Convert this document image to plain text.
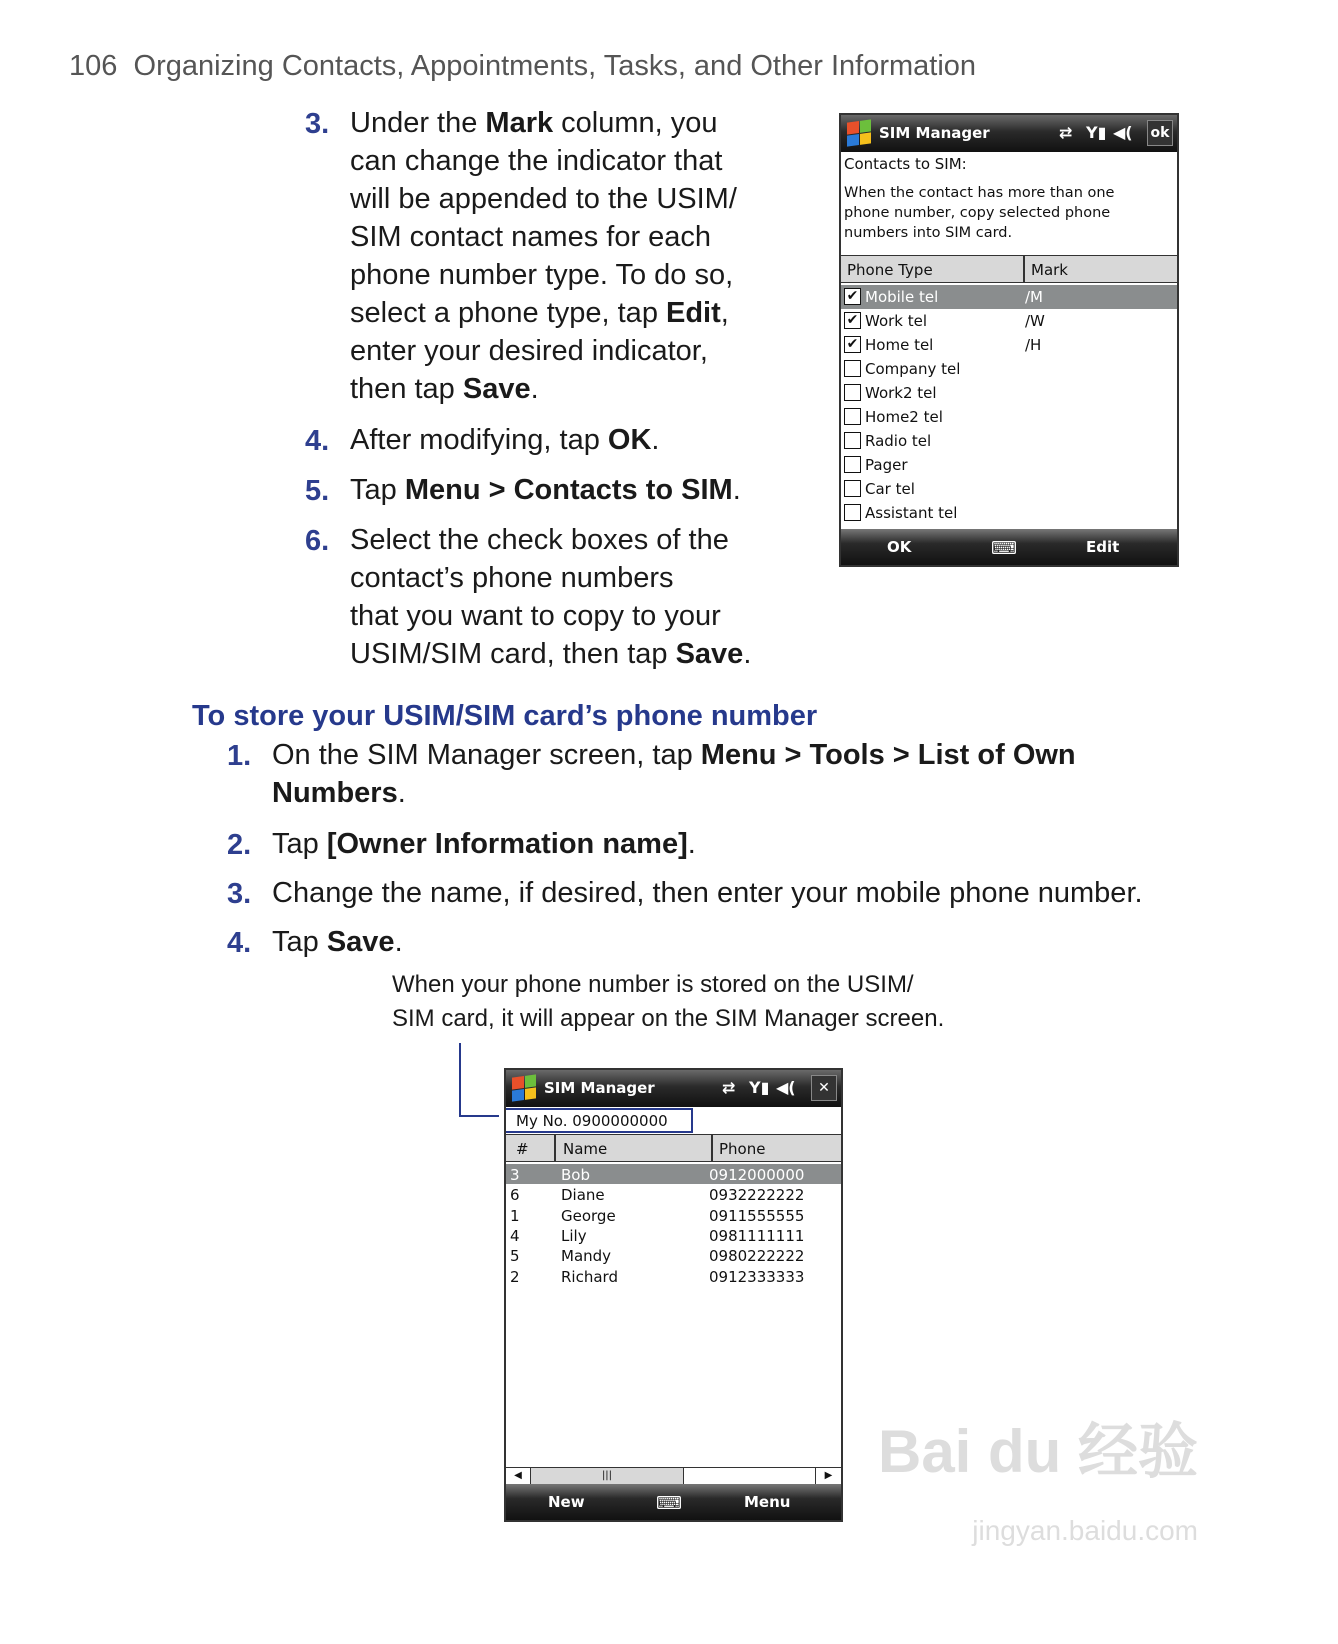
106 Organizing Contacts, Appointments, Tasks, and Other Information
3. Under the Mark column, you
can change the indicator that
will be appended to the USIM/
SIM contact names for each
phone number type. To do so,
select a phone type, tap Edit,
enter your desired indicator,
then tap Save.
4. After modifying, tap OK.
5. Tap Menu > Contacts to SIM.
6. Select the check boxes of the
contact’s phone numbers
that you want to copy to your
USIM/SIM card, then tap Save.
To store your USIM/SIM card’s phone number
1. On the SIM Manager screen, tap Menu > Tools > List of Own
Numbers.
2. Tap [Owner Information name].
3. Change the name, if desired, then enter your mobile phone number.
4. Tap Save.
When your phone number is stored on the USIM/
SIM card, it will appear on the SIM Manager screen.
SIM Manager	⇄ Y▮ ◀( ok
Contacts to SIM:
When the contact has more than one
phone number, copy selected phone
numbers into SIM card.
Phone Type	Mark
✔ Mobile tel	/M
✔ Work tel	/W
✔ Home tel	/H
Company tel
Work2 tel
Home2 tel
Radio tel
Pager
Car tel
Assistant tel
OK	⌨	Edit
SIM Manager	⇄ Y▮ ◀(	✕
My No. 0900000000
# Name	Phone
3	Bob	0912000000
6	Diane	0932222222
1	George	0911555555
4	Lily	0981111111
5	Mandy	0980222222
2	Richard	0912333333
◀	|||	▶
New	⌨	Menu
Bai du 经验
jingyan.baidu.com
